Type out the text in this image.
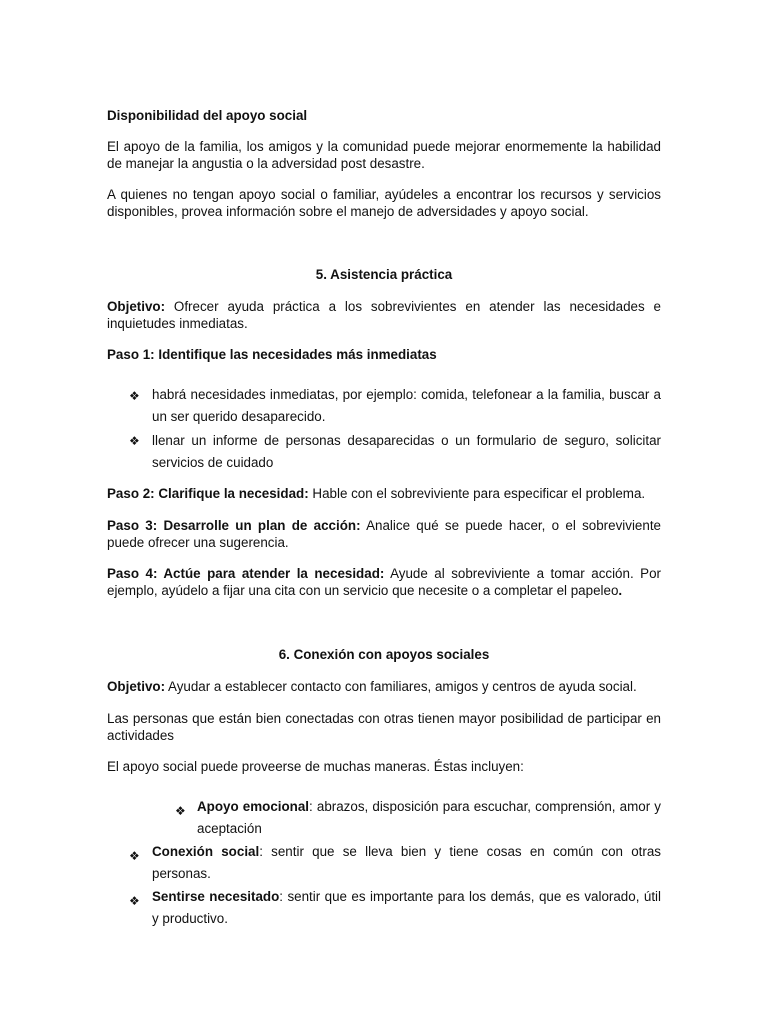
Disponibilidad del apoyo social

El apoyo de la familia, los amigos y la comunidad puede mejorar enormemente la habilidad de manejar la angustia o la adversidad post desastre.

A quienes no tengan apoyo social o familiar, ayúdeles a encontrar los recursos y servicios disponibles, provea información sobre el manejo de adversidades y apoyo social.

5. Asistencia práctica

Objetivo: Ofrecer ayuda práctica a los sobrevivientes en atender las necesidades e inquietudes inmediatas.

Paso 1: Identifique las necesidades más inmediatas

❖ habrá necesidades inmediatas, por ejemplo: comida, telefonear a la familia, buscar a un ser querido desaparecido.
❖ llenar un informe de personas desaparecidas o un formulario de seguro, solicitar servicios de cuidado

Paso 2: Clarifique la necesidad: Hable con el sobreviviente para especificar el problema.

Paso 3: Desarrolle un plan de acción: Analice qué se puede hacer, o el sobreviviente puede ofrecer una sugerencia.

Paso 4: Actúe para atender la necesidad: Ayude al sobreviviente a tomar acción. Por ejemplo, ayúdelo a fijar una cita con un servicio que necesite o a completar el papeleo.

6. Conexión con apoyos sociales

Objetivo: Ayudar a establecer contacto con familiares, amigos y centros de ayuda social.

Las personas que están bien conectadas con otras tienen mayor posibilidad de participar en actividades

El apoyo social puede proveerse de muchas maneras. Éstas incluyen:

❖ Apoyo emocional: abrazos, disposición para escuchar, comprensión, amor y aceptación
❖ Conexión social: sentir que se lleva bien y tiene cosas en común con otras personas.
❖ Sentirse necesitado: sentir que es importante para los demás, que es valorado, útil y productivo.
